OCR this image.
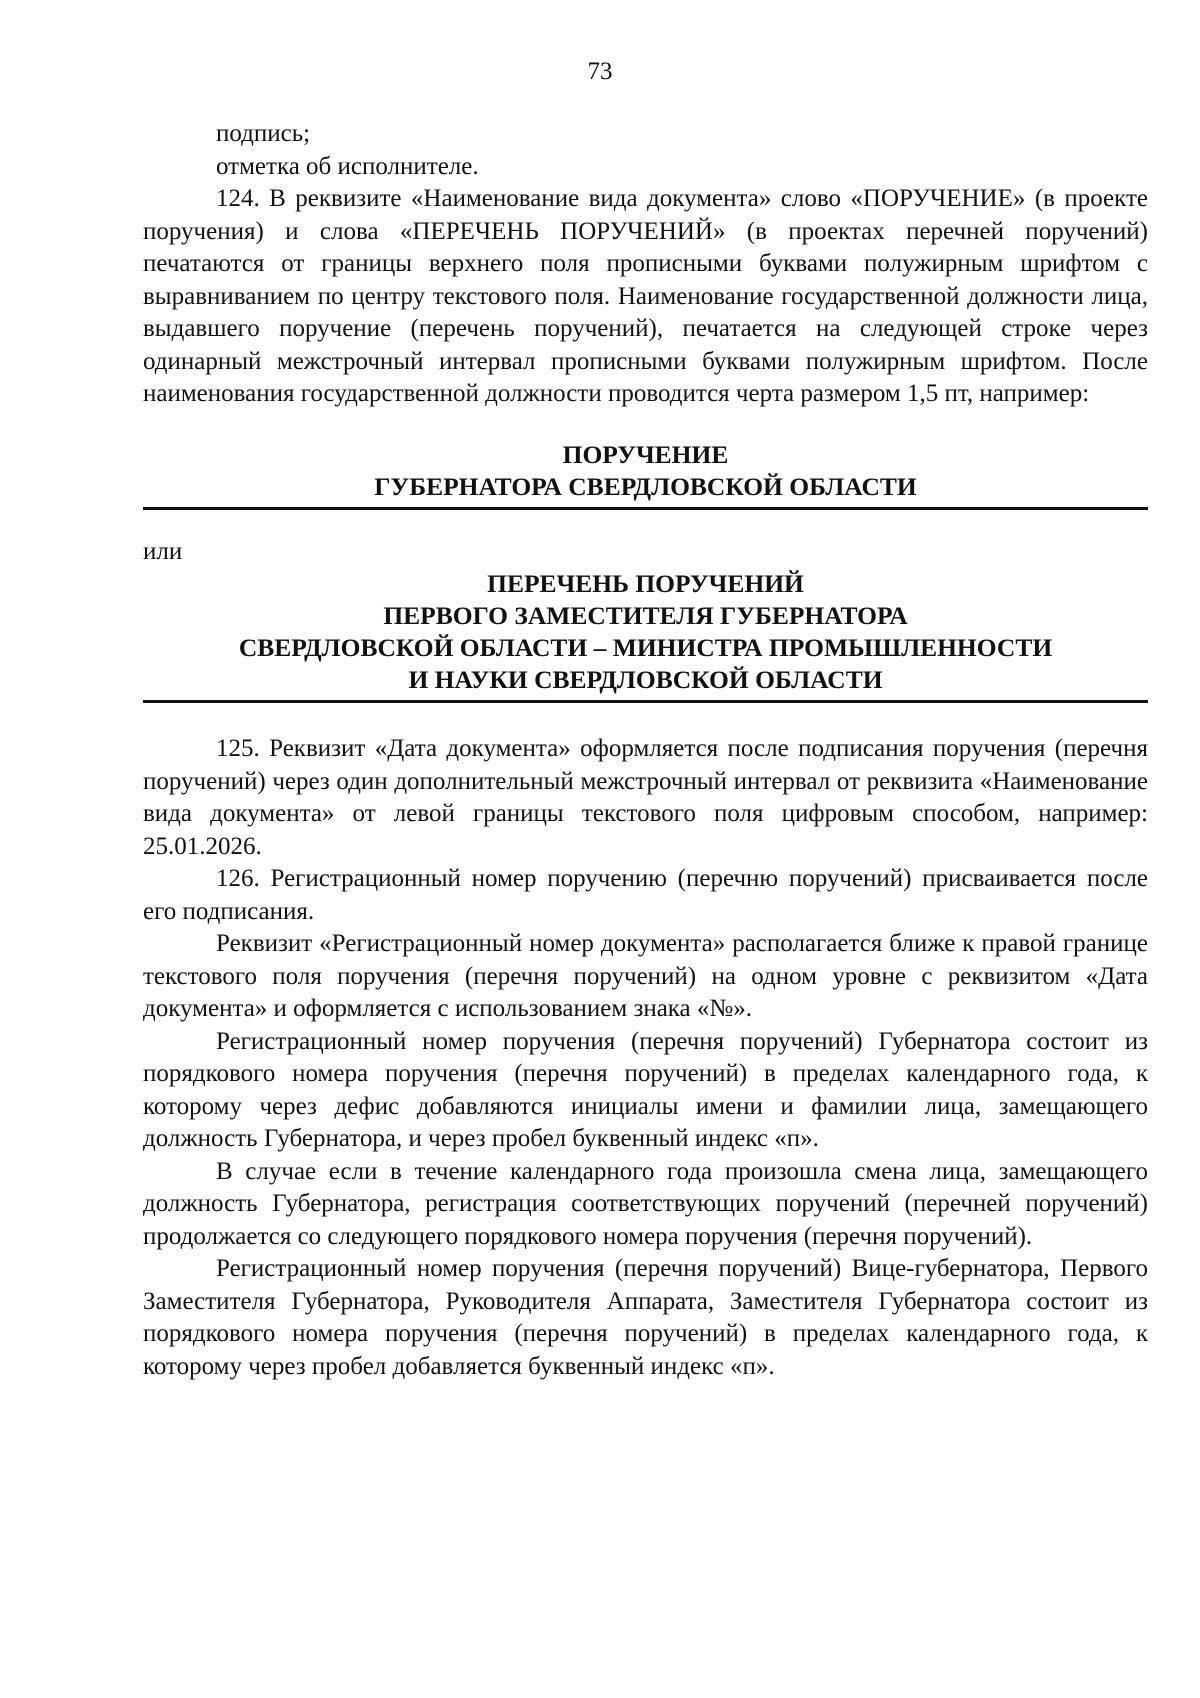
73

подпись;

отметка об исполнителе.

124. В реквизите «Наименование вида документа» слово «ПОРУЧЕНИЕ» (в проекте поручения) и слова «ПЕРЕЧЕНЬ ПОРУЧЕНИЙ» (в проектах перечней поручений) печатаются от границы верхнего поля прописными буквами полужирным шрифтом с выравниванием по центру текстового поля. Наименование государственной должности лица, выдавшего поручение (перечень поручений), печатается на следующей строке через одинарный межстрочный интервал прописными буквами полужирным шрифтом. После наименования государственной должности проводится черта размером 1,5 пт, например:

ПОРУЧЕНИЕ

ГУБЕРНАТОРА СВЕРДЛОВСКОЙ ОБЛАСТИ

или

ПЕРЕЧЕНЬ ПОРУЧЕНИЙ

ПЕРВОГО ЗАМЕСТИТЕЛЯ ГУБЕРНАТОРА

СВЕРДЛОВСКОЙ ОБЛАСТИ – МИНИСТРА ПРОМЫШЛЕННОСТИ

И НАУКИ СВЕРДЛОВСКОЙ ОБЛАСТИ

125. Реквизит «Дата документа» оформляется после подписания поручения (перечня поручений) через один дополнительный межстрочный интервал от реквизита «Наименование вида документа» от левой границы текстового поля цифровым способом, например: 25.01.2026.

126. Регистрационный номер поручению (перечню поручений) присваивается после его подписания.

Реквизит «Регистрационный номер документа» располагается ближе к правой границе текстового поля поручения (перечня поручений) на одном уровне с реквизитом «Дата документа» и оформляется с использованием знака «№».

Регистрационный номер поручения (перечня поручений) Губернатора состоит из порядкового номера поручения (перечня поручений) в пределах календарного года, к которому через дефис добавляются инициалы имени и фамилии лица, замещающего должность Губернатора, и через пробел буквенный индекс «п».

В случае если в течение календарного года произошла смена лица, замещающего должность Губернатора, регистрация соответствующих поручений (перечней поручений) продолжается со следующего порядкового номера поручения (перечня поручений).

Регистрационный номер поручения (перечня поручений) Вице-губернатора, Первого Заместителя Губернатора, Руководителя Аппарата, Заместителя Губернатора состоит из порядкового номера поручения (перечня поручений) в пределах календарного года, к которому через пробел добавляется буквенный индекс «п».
